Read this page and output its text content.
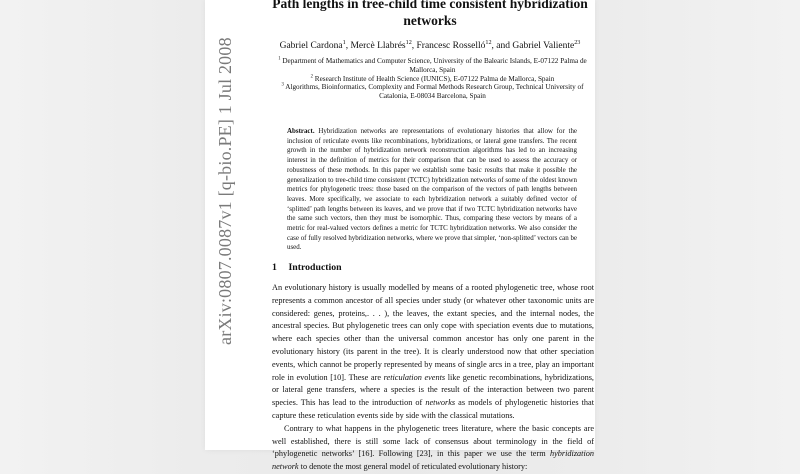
arXiv:0807.0087v1 [q-bio.PE] 1 Jul 2008
Path lengths in tree-child time consistent hybridization
networks
Gabriel Cardona$^1$, Mercè Llabrés$^{12}$, Francesc Rosselló$^{12}$, and Gabriel Valiente$^{23}$

$^1$ Department of Mathematics and Computer Science, University of the Balearic Islands, E-07122 Palma de Mallorca, Spain

$^2$ Research Institute of Health Science (IUNICS), E-07122 Palma de Mallorca, Spain

$^3$ Algorithms, Bioinformatics, Complexity and Formal Methods Research Group, Technical University of Catalonia, E-08034 Barcelona, Spain

Abstract. Hybridization networks are representations of evolutionary histories that allow for the inclusion of reticulate events like recombinations, hybridizations, or lateral gene transfers. The recent growth in the number of hybridization network reconstruction algorithms has led to an increasing interest in the definition of metrics for their comparison that can be used to assess the accuracy or robustness of these methods. In this paper we establish some basic results that make it possible the generalization to tree-child time consistent (TCTC) hybridization networks of some of the oldest known metrics for phylogenetic trees: those based on the comparison of the vectors of path lengths between leaves. More specifically, we associate to each hybridization network a suitably defined vector of ‘splitted’ path lengths between its leaves, and we prove that if two TCTC hybridization networks have the same such vectors, then they must be isomorphic. Thus, comparing these vectors by means of a metric for real-valued vectors defines a metric for TCTC hybridization networks. We also consider the case of fully resolved hybridization networks, where we prove that simpler, ‘non-splitted’ vectors can be used.
1 Introduction

An evolutionary history is usually modelled by means of a rooted phylogenetic tree, whose root represents a common ancestor of all species under study (or whatever other taxonomic units are considered: genes, proteins,. . . ), the leaves, the extant species, and the internal nodes, the ancestral species. But phylogenetic trees can only cope with speciation events due to mutations, where each species other than the universal common ancestor has only one parent in the evolutionary history (its parent in the tree). It is clearly understood now that other speciation events, which cannot be properly represented by means of single arcs in a tree, play an important role in evolution [10]. These are reticulation events like genetic recombinations, hybridizations, or lateral gene transfers, where a species is the result of the interaction between two parent species. This has lead to the introduction of networks as models of phylogenetic histories that capture these reticulation events side by side with the classical mutations.

Contrary to what happens in the phylogenetic trees literature, where the basic concepts are well established, there is still some lack of consensus about terminology in the field of ‘phylogenetic networks’ [16]. Following [23], in this paper we use the term hybridization network to denote the most general model of reticulated evolutionary history:
